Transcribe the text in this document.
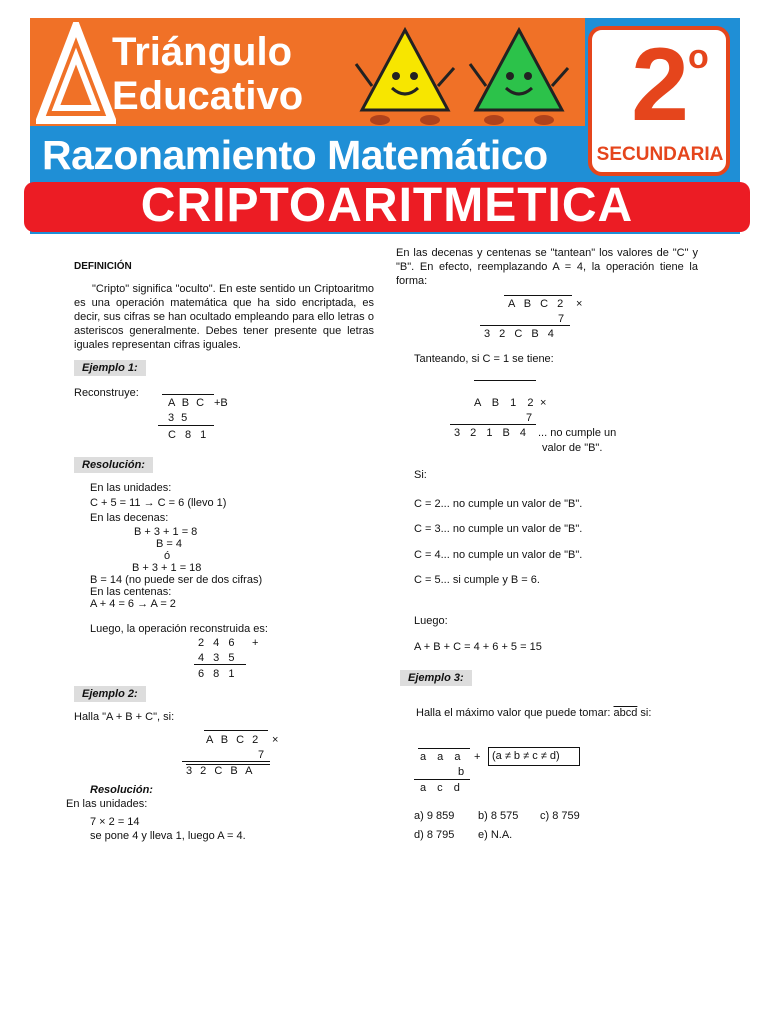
Triángulo
Educativo	2 o
SECUNDARIA
Razonamiento Matemático
CRIPTOARITMETICA
DEFINICIÓN
"Cripto" significa "oculto". En este sentido un Criptoaritmo es una operación matemática que ha sido encriptada, es decir, sus cifras se han ocultado empleando para ello letras o asteriscos generalmente. Debes tener presente que letras iguales representan cifras iguales.
Ejemplo 1:
Reconstruye:
A B C +B
3 5
C 8 1
Resolución:
En las unidades:
C + 5 = 11 → C = 6 (llevo 1)
En las decenas:
B + 3 + 1 = 8
B = 4
ó
B + 3 + 1 = 18
B = 14 (no puede ser de dos cifras)
En las centenas:
A + 4 = 6 → A = 2
Luego, la operación reconstruida es:
2 4 6 +
4 3 5
6 8 1
Ejemplo 2:
Halla "A + B + C", si:
A B C 2 ×
7
3 2 C B A
Resolución:
En las unidades:
7 × 2 = 14
se pone 4 y lleva 1, luego A = 4.
En las decenas y centenas se "tantean" los valores de "C" y "B". En efecto, reemplazando A = 4, la operación tiene la forma:
A B C 2 ×
7
3 2 C B 4
Tanteando, si C = 1 se tiene:
A B 1 2 ×
7
3 2 1 B 4 ... no cumple un
valor de "B".
Si:
C = 2... no cumple un valor de "B".
C = 3... no cumple un valor de "B".
C = 4... no cumple un valor de "B".
C = 5... si cumple y B = 6.
Luego:
A + B + C = 4 + 6 + 5 = 15
Ejemplo 3:
Halla el máximo valor que puede tomar: abcd si:
a a a + (a ≠ b ≠ c ≠ d)
b
a c d
a) 9 859 b) 8 575 c) 8 759
d) 8 795 e) N.A.
